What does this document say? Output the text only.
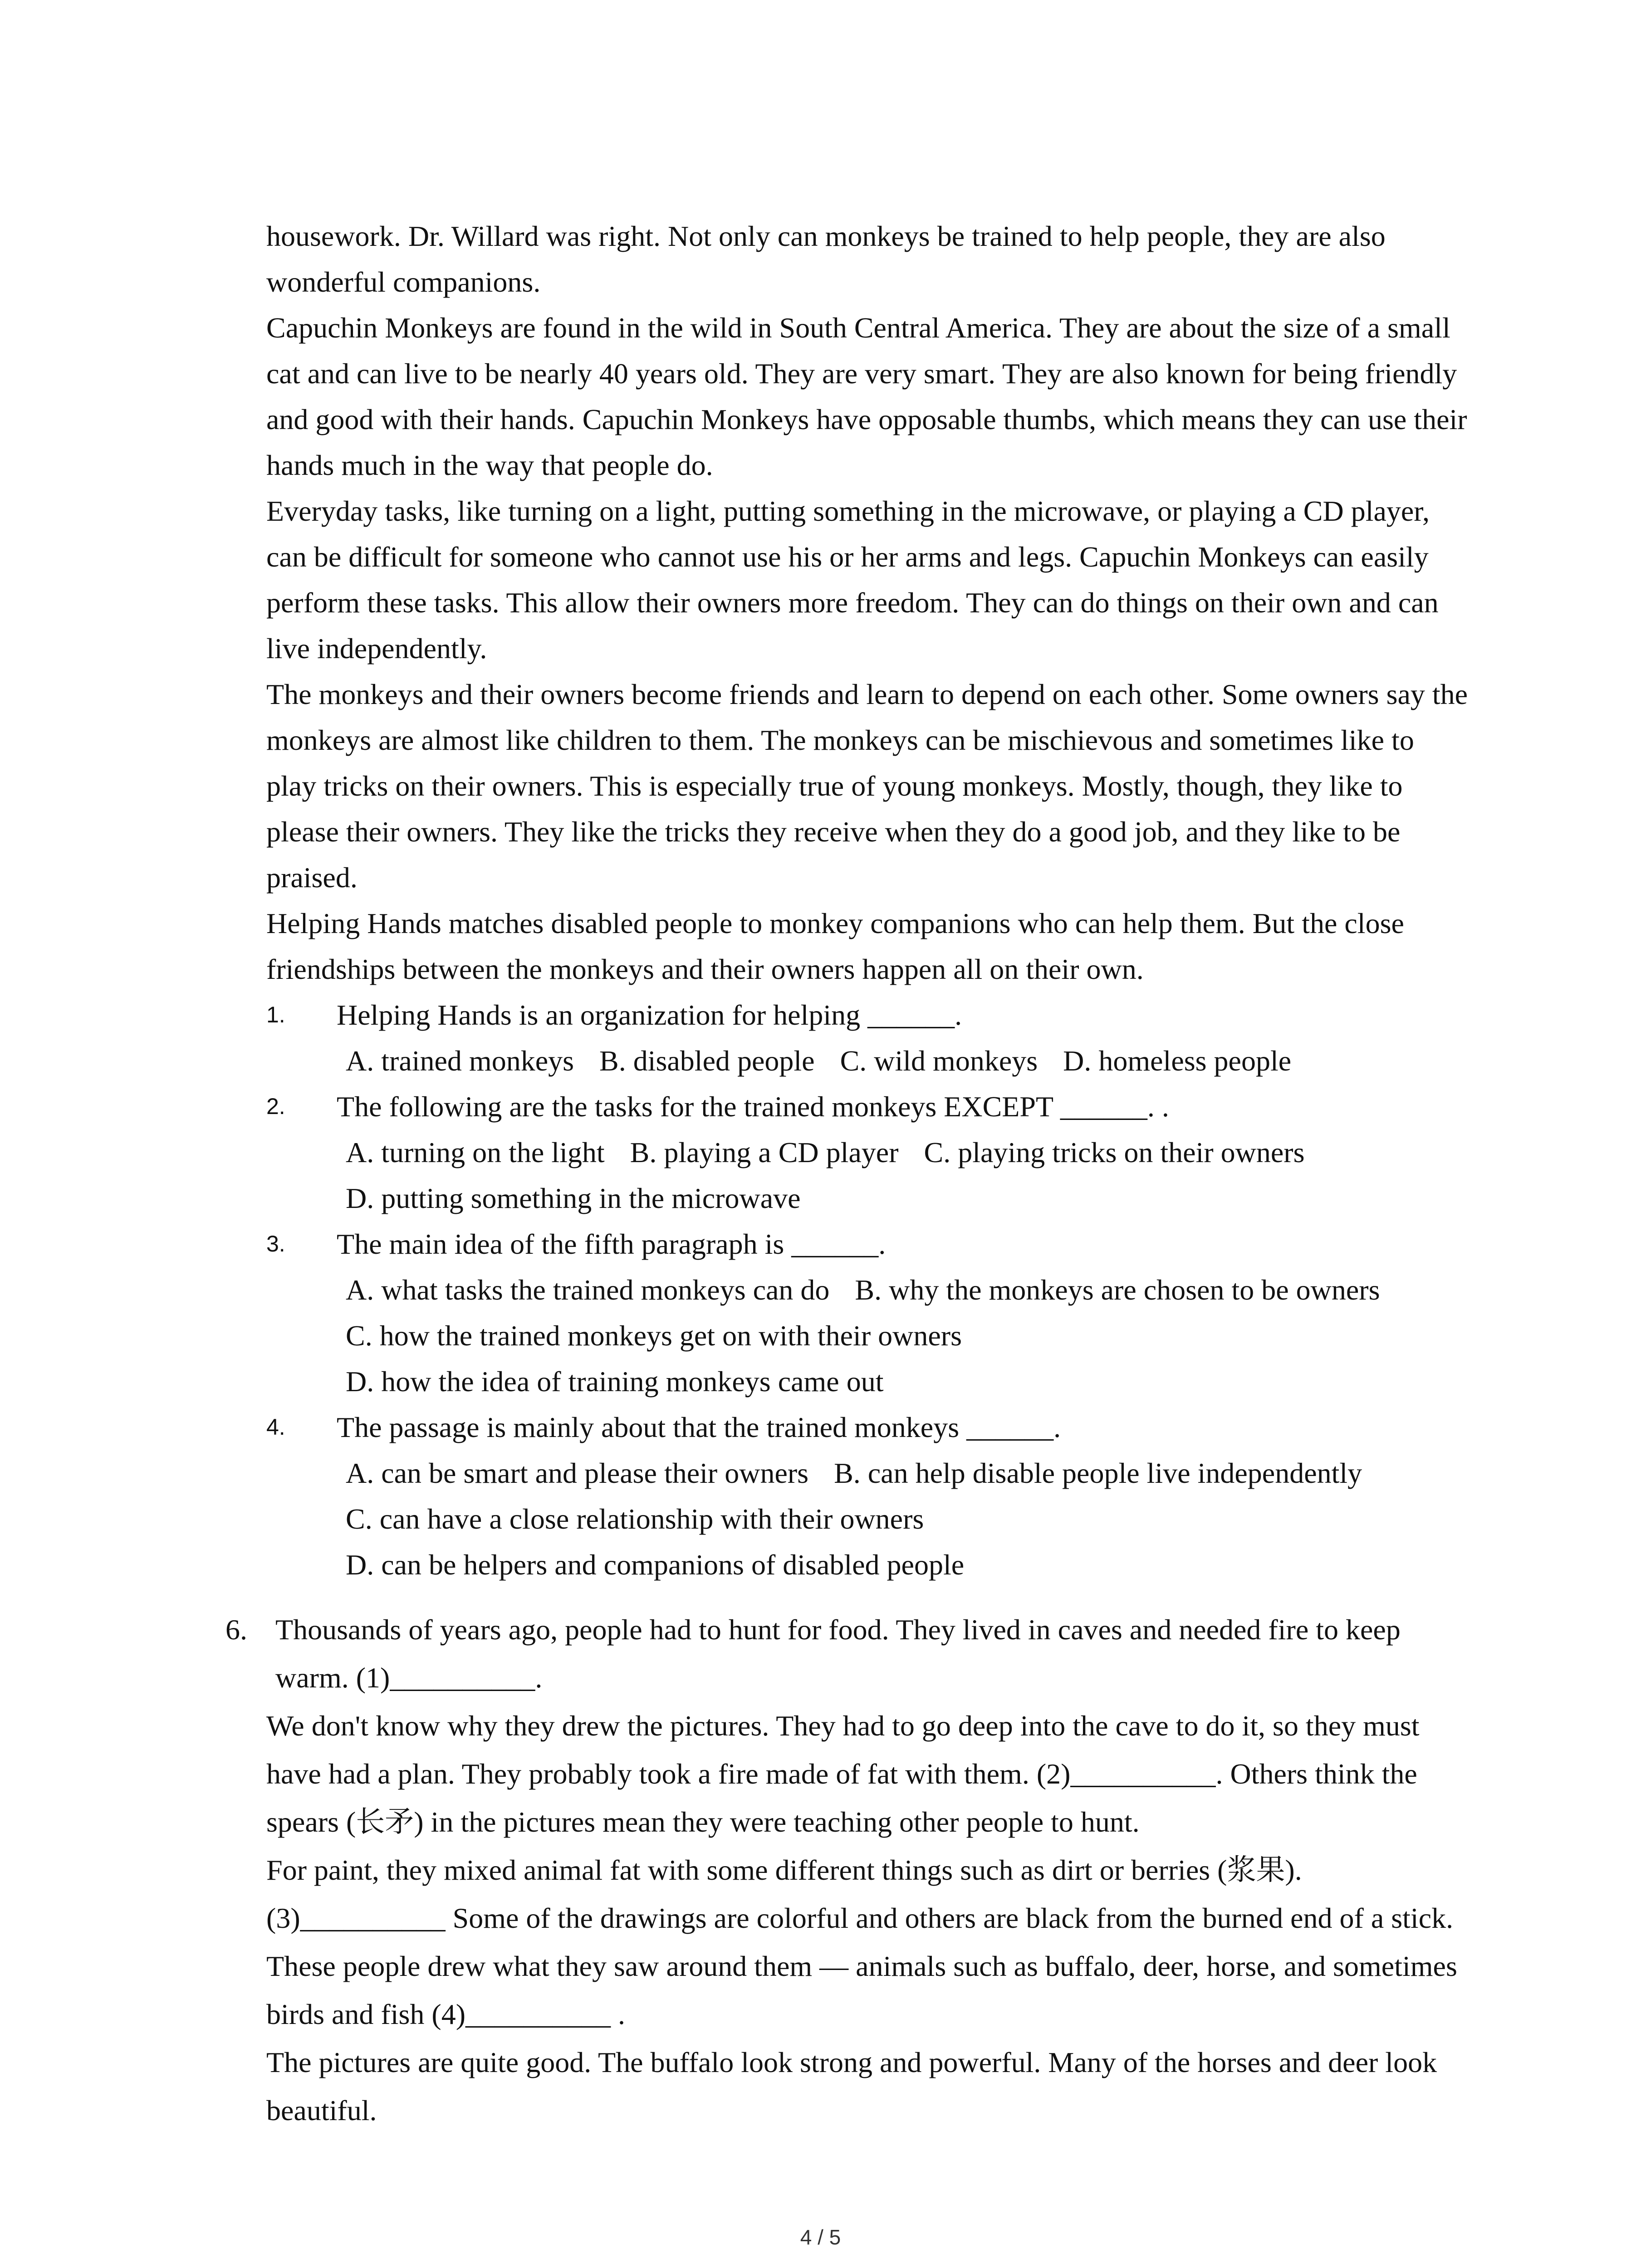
housework. Dr. Willard was right. Not only can monkeys be trained to help people, they are also wonderful companions.

Capuchin Monkeys are found in the wild in South Central America. They are about the size of a small cat and can live to be nearly 40 years old. They are very smart. They are also known for being friendly and good with their hands. Capuchin Monkeys have opposable thumbs, which means they can use their hands much in the way that people do.

Everyday tasks, like turning on a light, putting something in the microwave, or playing a CD player, can be difficult for someone who cannot use his or her arms and legs. Capuchin Monkeys can easily perform these tasks. This allow their owners more freedom. They can do things on their own and can live independently.

The monkeys and their owners become friends and learn to depend on each other. Some owners say the monkeys are almost like children to them. The monkeys can be mischievous and sometimes like to play tricks on their owners. This is especially true of young monkeys. Mostly, though, they like to please their owners. They like the tricks they receive when they do a good job, and they like to be praised.

Helping Hands matches disabled people to monkey companions who can help them. But the close friendships between the monkeys and their owners happen all on their own.

1. Helping Hands is an organization for helping ______.

A. trained monkeys B. disabled people C. wild monkeys D. homeless people

2. The following are the tasks for the trained monkeys EXCEPT ______. .

A. turning on the light B. playing a CD player C. playing tricks on their owners

D. putting something in the microwave

3. The main idea of the fifth paragraph is ______.

A. what tasks the trained monkeys can do B. why the monkeys are chosen to be owners

C. how the trained monkeys get on with their owners

D. how the idea of training monkeys came out

4. The passage is mainly about that the trained monkeys ______.

A. can be smart and please their owners B. can help disable people live independently

C. can have a close relationship with their owners

D. can be helpers and companions of disabled people

6. Thousands of years ago, people had to hunt for food. They lived in caves and needed fire to keep warm. (1)__________.

We don't know why they drew the pictures. They had to go deep into the cave to do it, so they must have had a plan. They probably took a fire made of fat with them. (2)__________. Others think the spears (长矛) in the pictures mean they were teaching other people to hunt.

For paint, they mixed animal fat with some different things such as dirt or berries (浆果).

(3)__________ Some of the drawings are colorful and others are black from the burned end of a stick.

These people drew what they saw around them — animals such as buffalo, deer, horse, and sometimes birds and fish (4)__________ .

The pictures are quite good. The buffalo look strong and powerful. Many of the horses and deer look beautiful.

4 / 5
